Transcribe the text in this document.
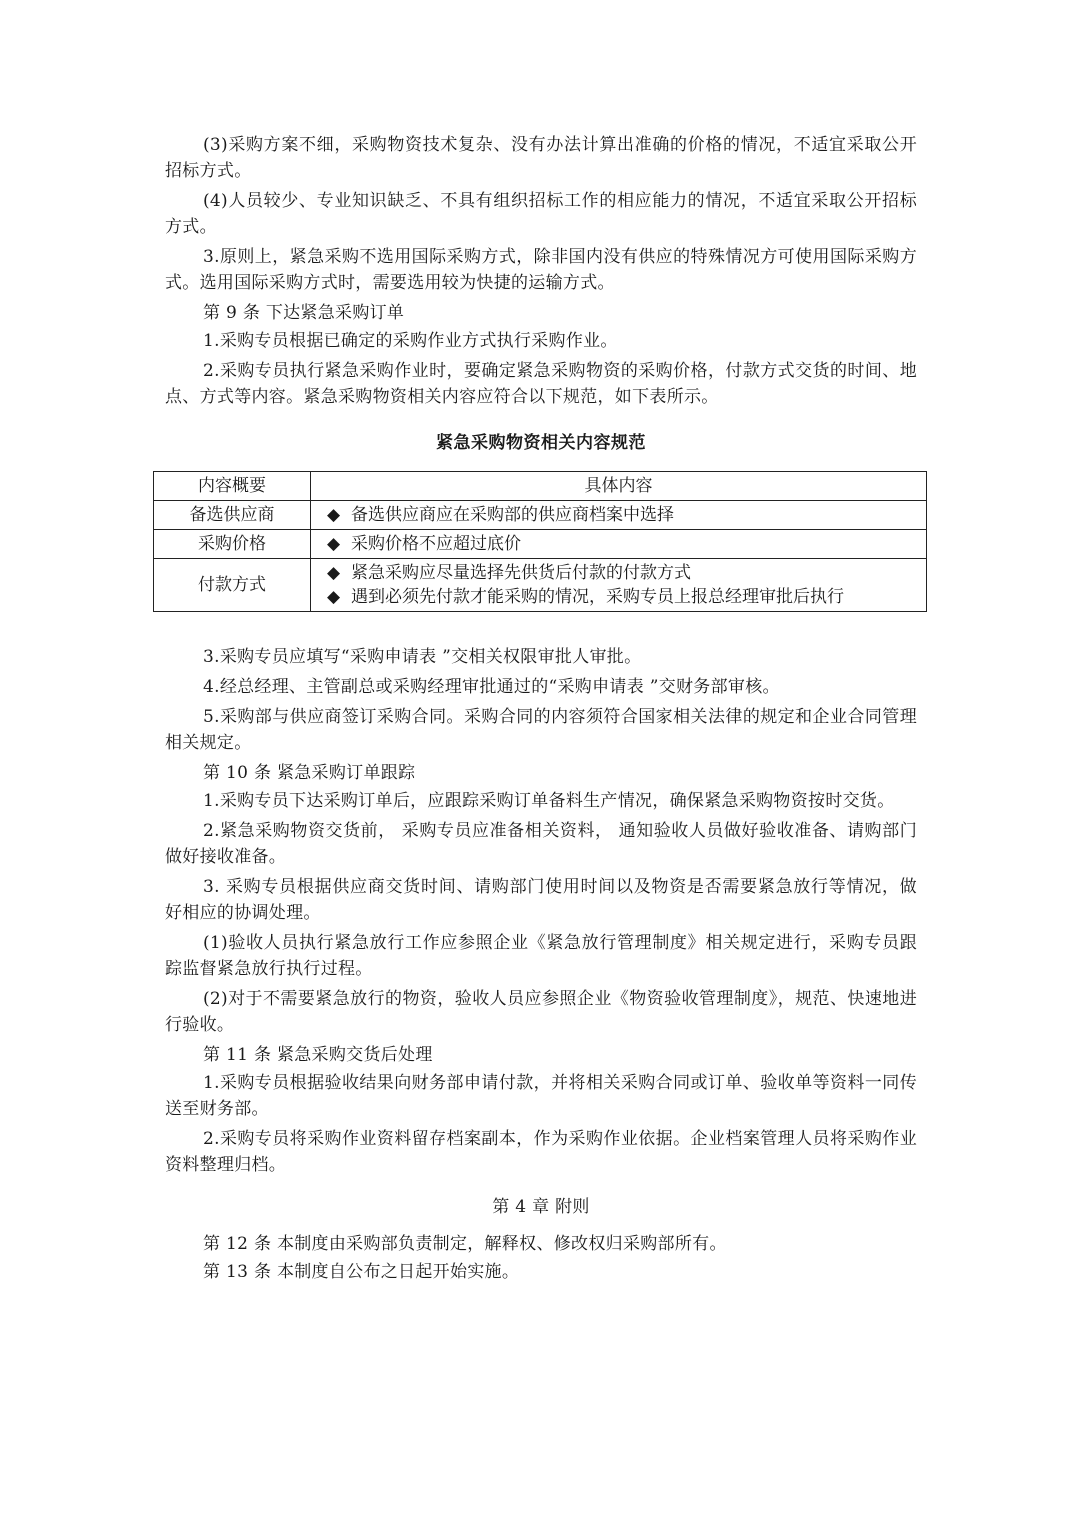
(3)采购方案不细，采购物资技术复杂、没有办法计算出准确的价格的情况，不适宜采取公开招标方式。

(4)人员较少、专业知识缺乏、不具有组织招标工作的相应能力的情况，不适宜采取公开招标方式。

3.原则上，紧急采购不选用国际采购方式，除非国内没有供应的特殊情况方可使用国际采购方式。选用国际采购方式时，需要选用较为快捷的运输方式。

第 9 条 下达紧急采购订单

1.采购专员根据已确定的采购作业方式执行采购作业。

2.采购专员执行紧急采购作业时，要确定紧急采购物资的采购价格，付款方式交货的时间、地点、方式等内容。紧急采购物资相关内容应符合以下规范，如下表所示。

紧急采购物资相关内容规范
内容概要	具体内容
备选供应商	◆ 备选供应商应在采购部的供应商档案中选择

采购价格	◆ 采购价格不应超过底价

付款方式	◆ 紧急采购应尽量选择先供货后付款的付款方式
◆ 遇到必须先付款才能采购的情况，采购专员上报总经理审批后执行

3.采购专员应填写“采购申请表 ”交相关权限审批人审批。

4.经总经理、主管副总或采购经理审批通过的“采购申请表 ”交财务部审核。

5.采购部与供应商签订采购合同。采购合同的内容须符合国家相关法律的规定和企业合同管理相关规定。

第 10 条 紧急采购订单跟踪

1.采购专员下达采购订单后，应跟踪采购订单备料生产情况，确保紧急采购物资按时交货。

2.紧急采购物资交货前， 采购专员应准备相关资料， 通知验收人员做好验收准备、请购部门做好接收准备。

3. 采购专员根据供应商交货时间、请购部门使用时间以及物资是否需要紧急放行等情况，做好相应的协调处理。

(1)验收人员执行紧急放行工作应参照企业《紧急放行管理制度》相关规定进行，采购专员跟踪监督紧急放行执行过程。

(2)对于不需要紧急放行的物资，验收人员应参照企业《物资验收管理制度》，规范、快速地进行验收。

第 11 条 紧急采购交货后处理

1.采购专员根据验收结果向财务部申请付款，并将相关采购合同或订单、验收单等资料一同传送至财务部。

2.采购专员将采购作业资料留存档案副本，作为采购作业依据。企业档案管理人员将采购作业资料整理归档。

第 4 章 附则

第 12 条 本制度由采购部负责制定，解释权、修改权归采购部所有。

第 13 条 本制度自公布之日起开始实施。
